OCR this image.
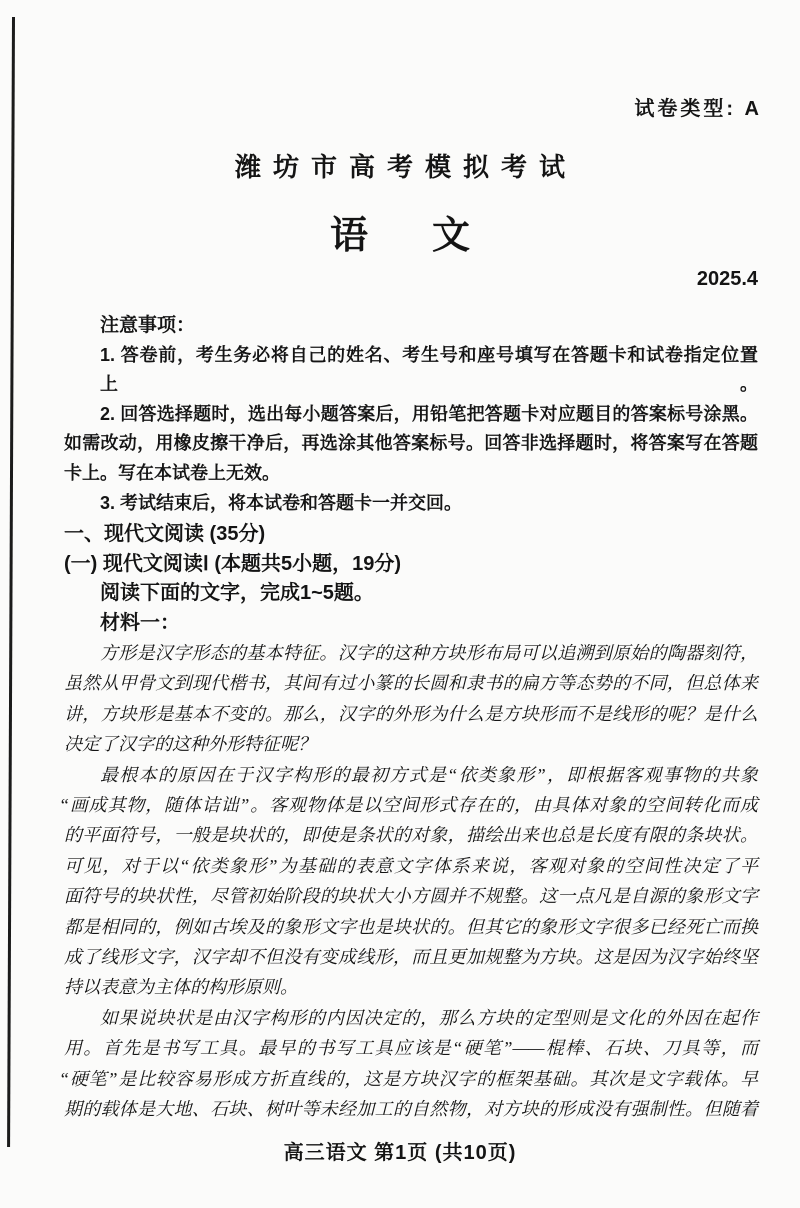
试卷类型: A
潍坊市高考模拟考试
语　文
2025.4
注意事项：
1. 答卷前，考生务必将自己的姓名、考生号和座号填写在答题卡和试卷指定位置上。
2. 回答选择题时，选出每小题答案后，用铅笔把答题卡对应题目的答案标号涂黑。
如需改动，用橡皮擦干净后，再选涂其他答案标号。回答非选择题时，将答案写在答题
卡上。写在本试卷上无效。
3. 考试结束后，将本试卷和答题卡一并交回。
一、现代文阅读 (35分)
(一) 现代文阅读Ⅰ (本题共5小题，19分)
阅读下面的文字，完成1~5题。
材料一：
方形是汉字形态的基本特征。汉字的这种方块形布局可以追溯到原始的陶器刻符，
虽然从甲骨文到现代楷书，其间有过小篆的长圆和隶书的扁方等态势的不同，但总体来
讲，方块形是基本不变的。那么，汉字的外形为什么是方块形而不是线形的呢？是什么
决定了汉字的这种外形特征呢？
最根本的原因在于汉字构形的最初方式是“依类象形”，即根据客观事物的共象
“画成其物，随体诘诎”。客观物体是以空间形式存在的，由具体对象的空间转化而成
的平面符号，一般是块状的，即使是条状的对象，描绘出来也总是长度有限的条块状。
可见，对于以“依类象形”为基础的表意文字体系来说，客观对象的空间性决定了平
面符号的块状性，尽管初始阶段的块状大小方圆并不规整。这一点凡是自源的象形文字
都是相同的，例如古埃及的象形文字也是块状的。但其它的象形文字很多已经死亡而换
成了线形文字，汉字却不但没有变成线形，而且更加规整为方块。这是因为汉字始终坚
持以表意为主体的构形原则。
如果说块状是由汉字构形的内因决定的，那么方块的定型则是文化的外因在起作
用。首先是书写工具。最早的书写工具应该是“硬笔”——棍棒、石块、刀具等，而
“硬笔”是比较容易形成方折直线的，这是方块汉字的框架基础。其次是文字载体。早
期的载体是大地、石块、树叶等未经加工的自然物，对方块的形成没有强制性。但随着
高三语文 第1页 (共10页)
